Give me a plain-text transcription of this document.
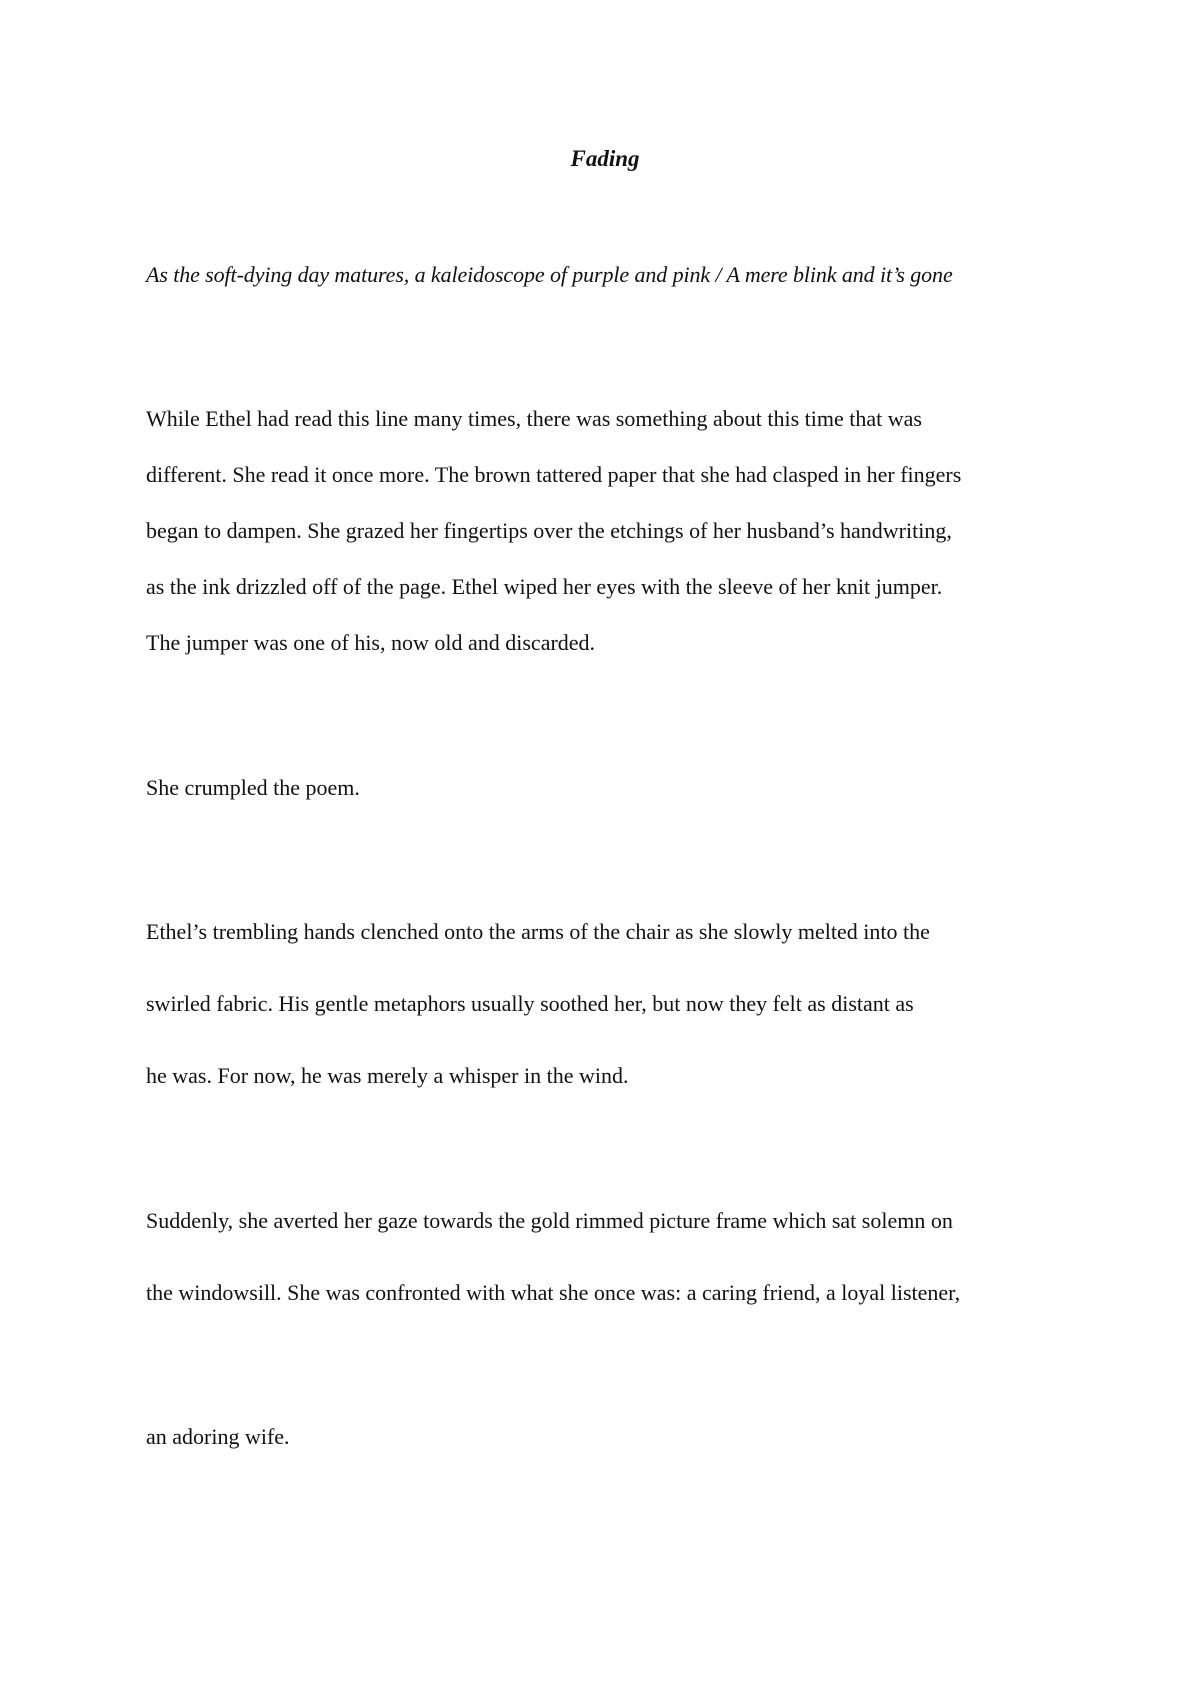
Fading
As the soft-dying day matures, a kaleidoscope of purple and pink / A mere blink and it’s gone
While Ethel had read this line many times, there was something about this time that was
different. She read it once more. The brown tattered paper that she had clasped in her fingers
began to dampen. She grazed her fingertips over the etchings of her husband’s handwriting,
as the ink drizzled off of the page. Ethel wiped her eyes with the sleeve of her knit jumper.
The jumper was one of his, now old and discarded.
She crumpled the poem.
Ethel’s trembling hands clenched onto the arms of the chair as she slowly melted into the
swirled fabric. His gentle metaphors usually soothed her, but now they felt as distant as
he was. For now, he was merely a whisper in the wind.
Suddenly, she averted her gaze towards the gold rimmed picture frame which sat solemn on
the windowsill. She was confronted with what she once was: a caring friend, a loyal listener,
an adoring wife.
